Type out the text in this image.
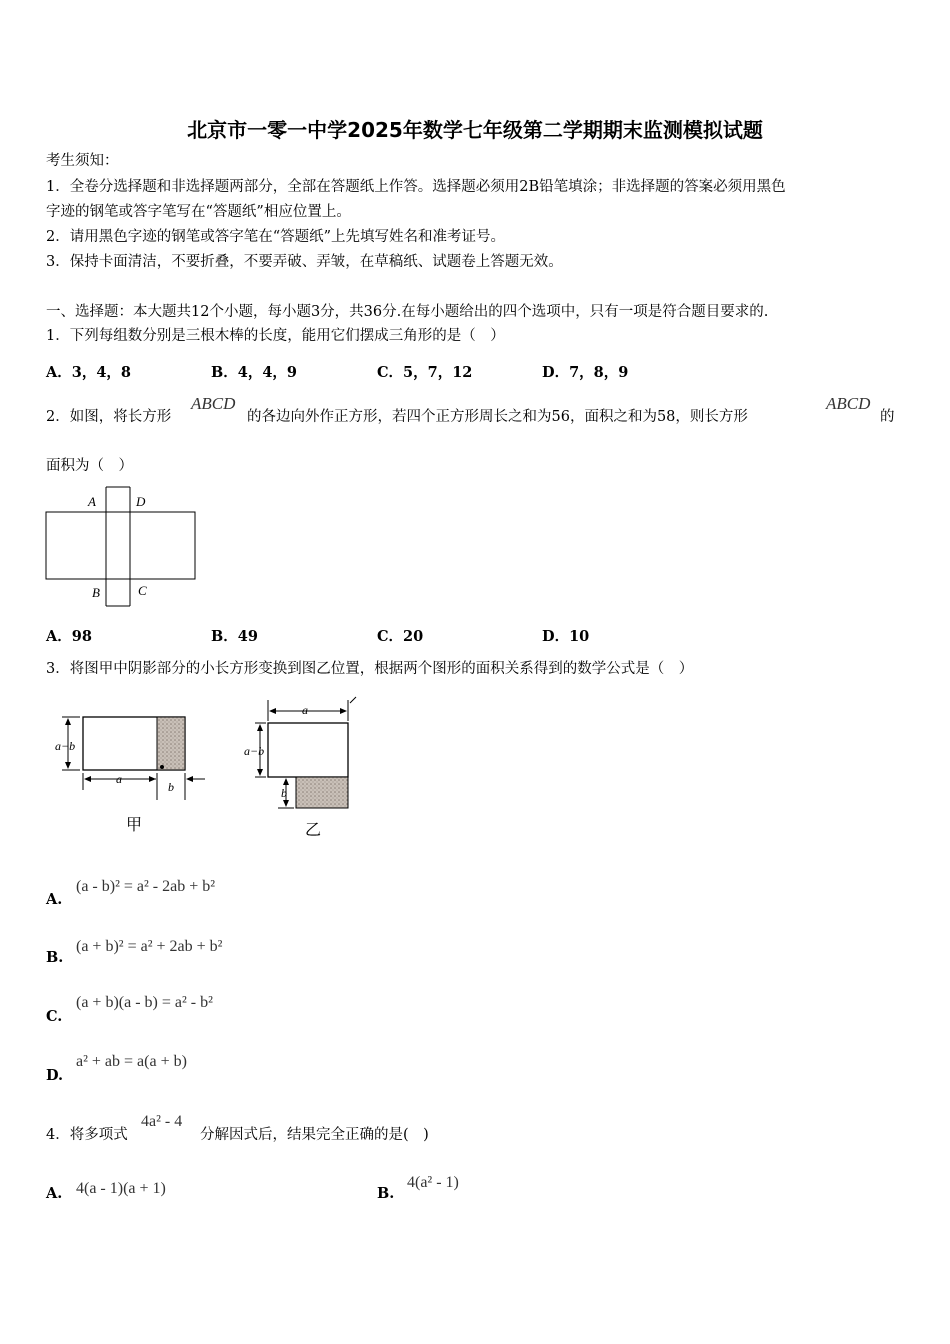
北京市一零一中学2025年数学七年级第二学期期末监测模拟试题
考生须知：
1．全卷分选择题和非选择题两部分，全部在答题纸上作答。选择题必须用2B铅笔填涂；非选择题的答案必须用黑色
字迹的钢笔或答字笔写在“答题纸”相应位置上。
2．请用黑色字迹的钢笔或答字笔在“答题纸”上先填写姓名和准考证号。
3．保持卡面清洁，不要折叠，不要弄破、弄皱，在草稿纸、试题卷上答题无效。
一、选择题：本大题共12个小题，每小题3分，共36分.在每小题给出的四个选项中，只有一项是符合题目要求的.
1．下列每组数分别是三根木棒的长度，能用它们摆成三角形的是（　）
A．3，4，8	B．4，4，9	C．5，7，12	D．7，8，9
2．如图，将长方形
ABCD
的各边向外作正方形，若四个正方形周长之和为56，面积之和为58，则长方形
ABCD
的
面积为（　）
A	D
B	C
A．98	B．49	C．20	D．10
3．将图甲中阴影部分的小长方形变换到图乙位置，根据两个图形的面积关系得到的数学公式是（　）
a−b
a
b
甲
a
a−b
b
乙
A.
(a - b)² = a² - 2ab + b²
B.
(a + b)² = a² + 2ab + b²
C.
(a + b)(a - b) = a² - b²
D.
a² + ab = a(a + b)
4．将多项式
4a² - 4
分解因式后，结果完全正确的是(　)
A. 4(a - 1)(a + 1)	B.
4(a² - 1)
